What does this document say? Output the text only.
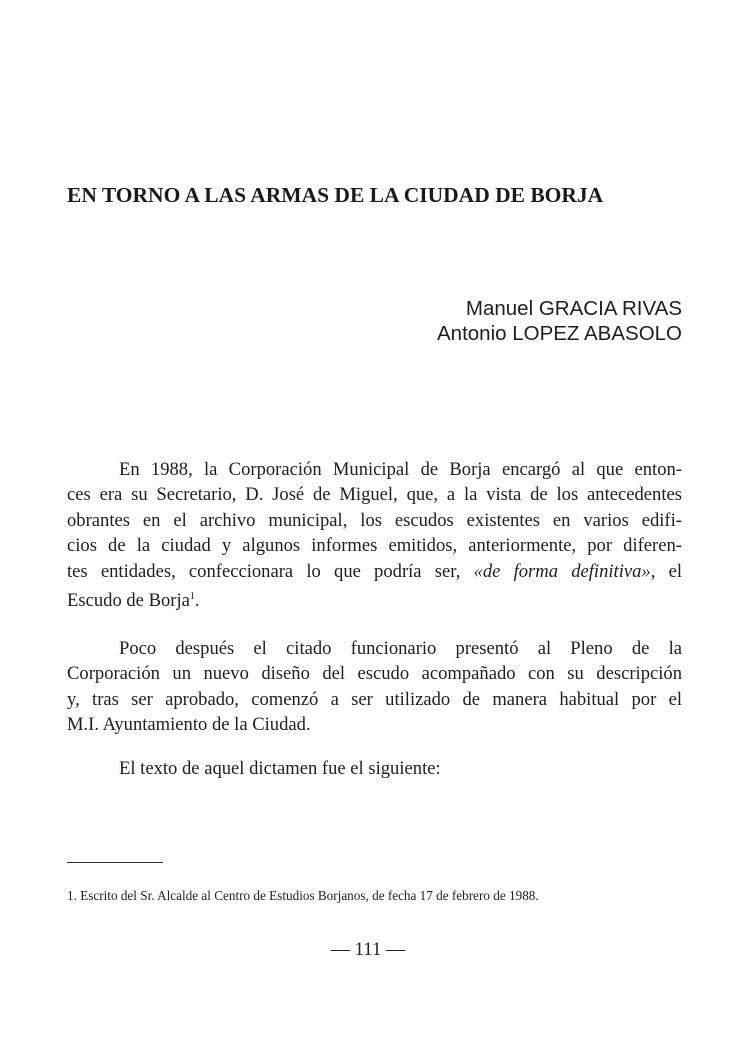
EN TORNO A LAS ARMAS DE LA CIUDAD DE BORJA
Manuel GRACIA RIVAS
Antonio LOPEZ ABASOLO
En 1988, la Corporación Municipal de Borja encargó al que enton-
ces era su Secretario, D. José de Miguel, que, a la vista de los antecedentes
obrantes en el archivo municipal, los escudos existentes en varios edifi-
cios de la ciudad y algunos informes emitidos, anteriormente, por diferen-
tes entidades, confeccionara lo que podría ser, «de forma definitiva», el
Escudo de Borja$^1$.
Poco después el citado funcionario presentó al Pleno de la
Corporación un nuevo diseño del escudo acompañado con su descripción
y, tras ser aprobado, comenzó a ser utilizado de manera habitual por el
M.I. Ayuntamiento de la Ciudad.
El texto de aquel dictamen fue el siguiente:
1. Escrito del Sr. Alcalde al Centro de Estudios Borjanos, de fecha 17 de febrero de 1988.
— 111 —
